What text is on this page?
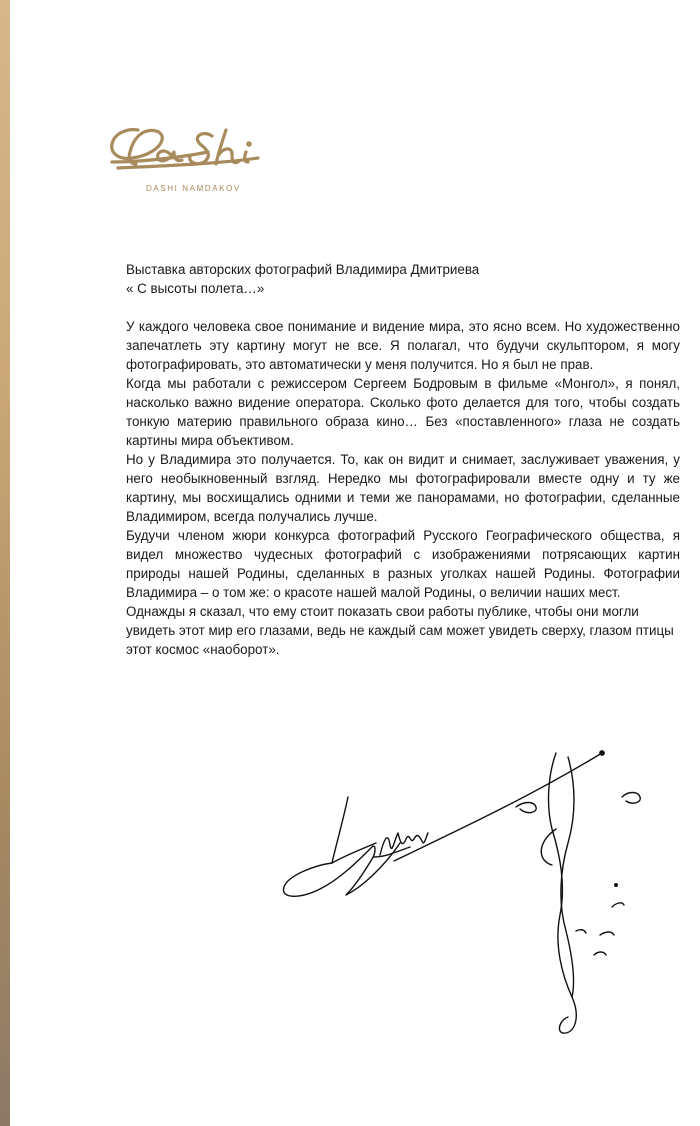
DASHI NAMDAKOV

Выставка авторских фотографий Владимира Дмитриева

« С высоты полета…»

У каждого человека свое понимание и видение мира, это ясно всем. Но художественно запечатлеть эту картину могут не все. Я полагал, что будучи скульптором, я могу фотографировать, это автоматически у меня получится. Но я был не прав.

Когда мы работали с режиссером Сергеем Бодровым в фильме «Монгол», я понял, насколько важно видение оператора. Сколько фото делается для того, чтобы создать тонкую материю правильного образа кино… Без «поставленного» глаза не создать картины мира объективом.

Но у Владимира это получается. То, как он видит и снимает, заслуживает уважения, у него необыкновенный взгляд. Нередко мы фотографировали вместе одну и ту же картину, мы восхищались одними и теми же панорамами, но фотографии, сделанные Владимиром, всегда получались лучше.

Будучи членом жюри конкурса фотографий Русского Географического общества, я видел множество чудесных фотографий с изображениями потрясающих картин природы нашей Родины, сделанных в разных уголках нашей Родины. Фотографии Владимира – о том же: о красоте нашей малой Родины, о величии наших мест.

Однажды я сказал, что ему стоит показать свои работы публике, чтобы они могли увидеть этот мир его глазами, ведь не каждый сам может увидеть сверху, глазом птицы этот космос «наоборот».
